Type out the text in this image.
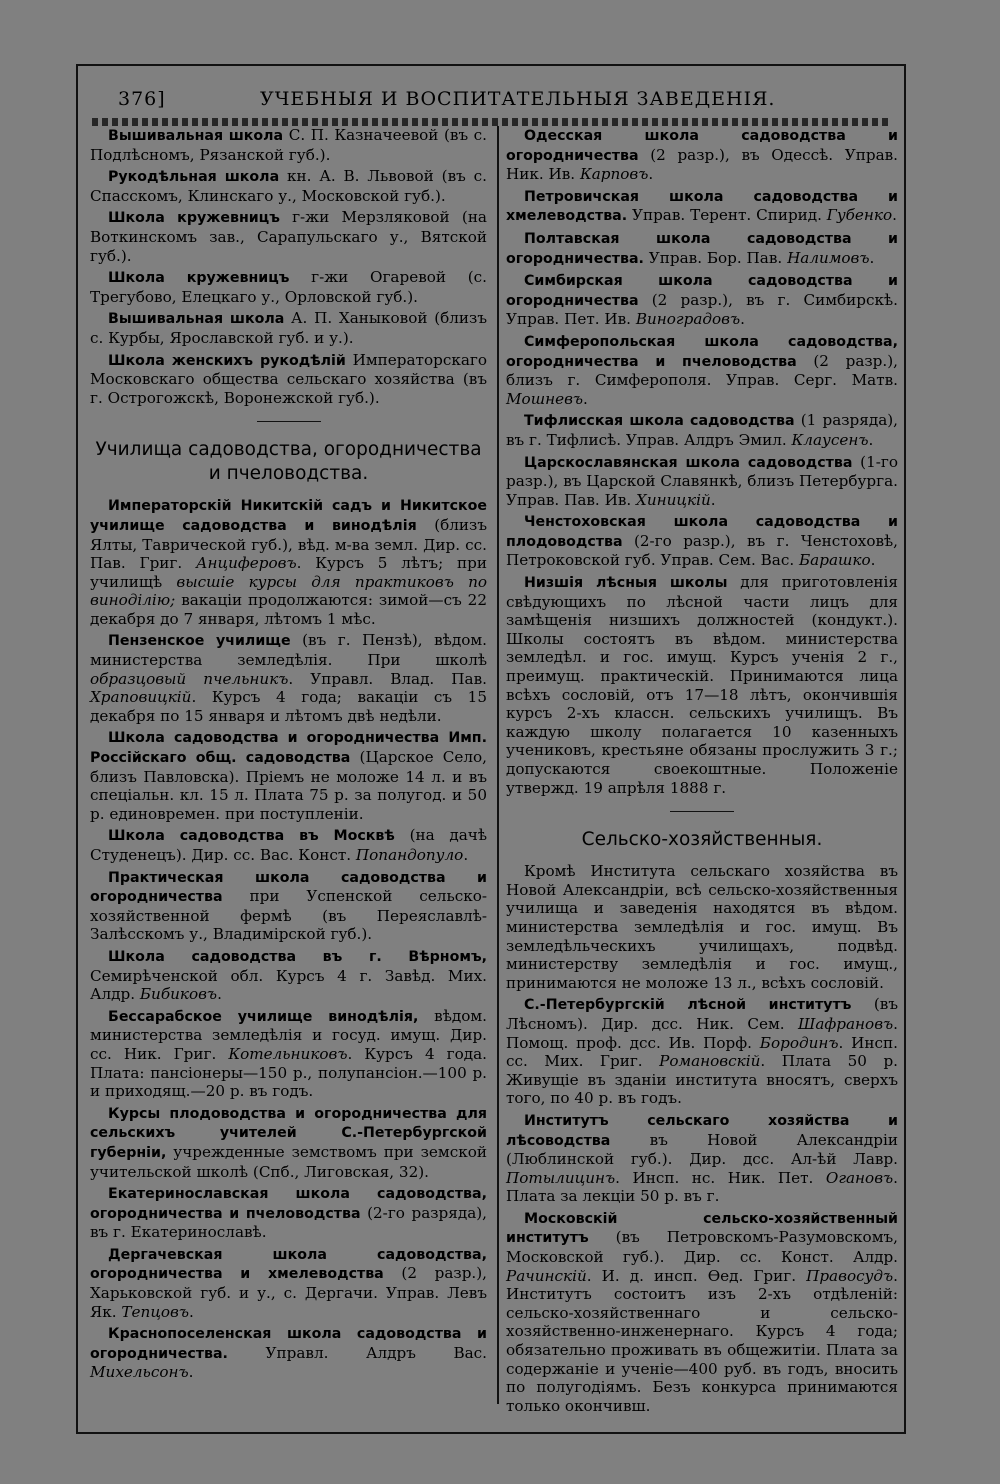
376]	УЧЕБНЫЯ И ВОСПИТАТЕЛЬНЫЯ ЗАВЕДЕНІЯ.

Вышивальная школа С. П. Казначеевой (въ с. Подлѣсномъ, Рязанской губ.).

Рукодѣльная школа кн. А. В. Львовой (въ с. Спасскомъ, Клинскаго у., Московской губ.).

Школа кружевницъ г-жи Мерзляковой (на Воткинскомъ зав., Сарапульскаго у., Вятской губ.).

Школа кружевницъ г-жи Огаревой (с. Трегубово, Елецкаго у., Орловской губ.).

Вышивальная школа А. П. Ханыковой (близъ с. Курбы, Ярославской губ. и у.).

Школа женскихъ рукодѣлій Императорскаго Московскаго общества сельскаго хозяйства (въ г. Острогожскѣ, Воронежской губ.).

Училища садоводства, огородничества и пчеловодства.

Императорскій Никитскій садъ и Никитское училище садоводства и винодѣлія (близъ Ялты, Таврической губ.), вѣд. м-ва земл. Дир. сс. Пав. Григ. Анциферовъ. Курсъ 5 лѣтъ; при училищѣ высшіе курсы для практиковъ по виноділію; вакаціи продолжаются: зимой—съ 22 декабря до 7 января, лѣтомъ 1 мѣс.

Пензенское училище (въ г. Пензѣ), вѣдом. министерства земледѣлія. При школѣ образцовый пчельникъ. Управл. Влад. Пав. Храповицкій. Курсъ 4 года; вакаціи съ 15 декабря по 15 января и лѣтомъ двѣ недѣли.

Школа садоводства и огородничества Имп. Россійскаго общ. садоводства (Царское Село, близъ Павловска). Пріемъ не моложе 14 л. и въ спеціальн. кл. 15 л. Плата 75 р. за полугод. и 50 р. единовремен. при поступленіи.

Школа садоводства въ Москвѣ (на дачѣ Студенецъ). Дир. сс. Вас. Конст. Попандопуло.

Практическая школа садоводства и огородничества при Успенской сельско-хозяйственной фермѣ (въ Переяславлѣ-Залѣсскомъ у., Владимірской губ.).

Школа садоводства въ г. Вѣрномъ, Семирѣченской обл. Курсъ 4 г. Завѣд. Мих. Алдр. Бибиковъ.

Бессарабское училище винодѣлія, вѣдом. министерства земледѣлія и госуд. имущ. Дир. сс. Ник. Григ. Котельниковъ. Курсъ 4 года. Плата: пансіонеры—150 р., полупансіон.—100 р. и приходящ.—20 р. въ годъ.

Курсы плодоводства и огородничества для сельскихъ учителей С.-Петербургской губерніи, учрежденные земствомъ при земской учительской школѣ (Спб., Лиговская, 32).

Екатеринославская школа садоводства, огородничества и пчеловодства (2-го разряда), въ г. Екатеринославѣ.

Дергачевская школа садоводства, огородничества и хмелеводства (2 разр.), Харьковской губ. и у., с. Дергачи. Управ. Левъ Як. Тепцовъ.

Краснопоселенская школа садоводства и огородничества. Управл. Алдръ Вас. Михельсонъ.

Одесская школа садоводства и огородничества (2 разр.), въ Одессѣ. Управ. Ник. Ив. Карповъ.

Петровичская школа садоводства и хмелеводства. Управ. Терент. Спирид. Губенко.

Полтавская школа садоводства и огородничества. Управ. Бор. Пав. Налимовъ.

Симбирская школа садоводства и огородничества (2 разр.), въ г. Симбирскѣ. Управ. Пет. Ив. Виноградовъ.

Симферопольская школа садоводства, огородничества и пчеловодства (2 разр.), близъ г. Симферополя. Управ. Серг. Матв. Мошневъ.

Тифлисская школа садоводства (1 разряда), въ г. Тифлисѣ. Управ. Алдръ Эмил. Клаусенъ.

Царскославянская школа садоводства (1-го разр.), въ Царской Славянкѣ, близъ Петербурга. Управ. Пав. Ив. Хиницкій.

Ченстоховская школа садоводства и плодоводства (2-го разр.), въ г. Ченстоховѣ, Петроковской губ. Управ. Сем. Вас. Барашко.

Низшія лѣсныя школы для приготовленія свѣдующихъ по лѣсной части лицъ для замѣщенія низшихъ должностей (кондукт.). Школы состоятъ въ вѣдом. министерства земледѣл. и гос. имущ. Курсъ ученія 2 г., преимущ. практическій. Принимаются лица всѣхъ сословій, отъ 17—18 лѣтъ, окончившія курсъ 2-хъ классн. сельскихъ училищъ. Въ каждую школу полагается 10 казенныхъ учениковъ, крестьяне обязаны прослужить 3 г.; допускаются своекоштные. Положеніе утвержд. 19 апрѣля 1888 г.

Сельско-хозяйственныя.

Кромѣ Института сельскаго хозяйства въ Новой Александріи, всѣ сельско-хозяйственныя училища и заведенія находятся въ вѣдом. министерства земледѣлія и гос. имущ. Въ земледѣльческихъ училищахъ, подвѣд. министерству земледѣлія и гос. имущ., принимаются не моложе 13 л., всѣхъ сословій.

С.-Петербургскій лѣсной институтъ (въ Лѣсномъ). Дир. дсс. Ник. Сем. Шафрановъ. Помощ. проф. дсс. Ив. Порф. Бородинъ. Инсп. сс. Мих. Григ. Романовскій. Плата 50 р. Живущіе въ зданіи института вносятъ, сверхъ того, по 40 р. въ годъ.

Институтъ сельскаго хозяйства и лѣсоводства въ Новой Александріи (Люблинской губ.). Дир. дсс. Ал-ѣй Лавр. Потылицинъ. Инсп. нс. Ник. Пет. Огановъ. Плата за лекціи 50 р. въ г.

Московскій сельско-хозяйственный институтъ (въ Петровскомъ-Разумовскомъ, Московской губ.). Дир. сс. Конст. Алдр. Рачинскій. И. д. инсп. Ѳед. Григ. Правосудъ. Институтъ состоитъ изъ 2-хъ отдѣленій: сельско-хозяйственнаго и сельско-хозяйственно-инженернаго. Курсъ 4 года; обязательно проживать въ общежитіи. Плата за содержаніе и ученіе—400 руб. въ годъ, вносить по полугодіямъ. Безъ конкурса принимаются только окончивш.
